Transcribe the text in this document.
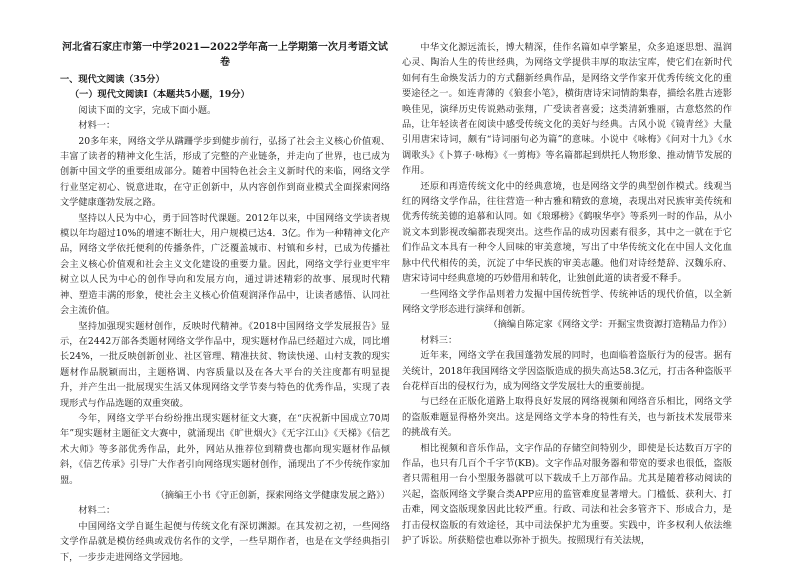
河北省石家庄市第一中学2021—2022学年高一上学期第一次月考语文试卷

一、现代文阅读（35分）

（一）现代文阅读Ⅰ（本题共5小题，19分）

阅读下面的文字，完成下面小题。

材料一：

20多年来，网络文学从蹒跚学步到健步前行，弘扬了社会主义核心价值观、丰富了读者的精神文化生活，形成了完整的产业链条，并走向了世界，也已成为创新中国文学的重要组成部分。随着中国特色社会主义新时代的来临，网络文学行业坚定初心、锐意进取，在守正创新中，从内容创作到商业模式全面探索网络文学健康蓬勃发展之路。

坚持以人民为中心，勇于回答时代课题。2012年以来，中国网络文学读者规模以年均超过10%的增速不断壮大，用户规模已达4．3亿。作为一种精神文化产品，网络文学依托便利的传播条件，广泛覆盖城市、村镇和乡村，已成为传播社会主义核心价值观和社会主义文化建设的重要力量。因此，网络文学行业更牢牢树立以人民为中心的创作导向和发展方向，通过讲述精彩的故事、展现时代精神、塑造丰满的形象，使社会主义核心价值观润泽作品中，让读者感悟、认同社会主流价值。

坚持加强现实题材创作，反映时代精神。《2018中国网络文学发展报告》显示，在2442万部各类题材网络文学作品中，现实题材作品已经超过六成，同比增长24%，一批反映创新创业、社区管理、精准扶贫、物读快递、山村支教的现实题材作品脱颖而出，主题格调、内容质量以及在各大平台的关注度都有明显提升，并产生出一批展现实生活又体现网络文学节奏与特色的优秀作品，实现了表现形式与作品选题的双重突破。

今年，网络文学平台纷纷推出现实题材征文大赛，在“庆祝新中国成立70周年”现实题材主题征文大赛中，就涌现出《旷世烟火》《无字江山》《天梯》《信艺术大师》等多部优秀作品，此外，网站从推荐位到精费也都向现实题材作品倾斜，《信艺传承》引导广大作者引向网络现实题材创作，涌现出了不少传统作家加盟。

（摘编王小书《守正创新，探索网络文学健康发展之路》）

材料二：

中国网络文学自诞生起便与传统文化有深切渊源。在其发初之初，一些网络文学作品就是模仿经典或戏仿名作的文学，一些早期作者，也是在文学经典指引下，一步步走进网络文学园地。

中华文化源远流长，博大精深，佳作名篇如卓学繁星，众多追逐思想、温润心灵、陶治人生的传世经典，为网络文学提供丰厚的取法宝库，使它们在新时代如何有生命焕发活力的方式翻新经典作品，是网络文学作家开优秀传统文化的重要途径之一。如连青薄的《狼套小笔》，横街唐诗宋词情韵集春，描绘名胜古迹影唤佳见，演绎历史传说熟动张翔，广受读者喜爱；这类清新雅丽，古意悠然的作品，让年轻读者在阅读中感受传统文化的美好与经典。古风小说《镜青丝》大量引用唐宋诗词，颇有“诗词丽句必为篇”的意味。小说中《咏梅》《问对十九》《水调歌头》《卜算子·咏梅》《一剪梅》等名篇都起到烘托人物形象、推动情节发展的作用。

还原和再造传统文化中的经典意境，也是网络文学的典型创作模式。线观当红的网络文学作品，往往营造一种古雅和精致的意境，表现出对民族审美传统和优秀传统美德的追慕和认同。如《琅琊榜》《鹤唳华亭》等系列一时的作品，从小说文本到影视改编都表现突出。这些作品的成功因素有很多，其中之一就在于它们作品文本具有一种令人回味的审美意境，写出了中华传统文化在中国人文化血脉中代代相传的美，沉淀了中华民族的审美志趣。他们对诗经楚辞、汉魏乐府、唐宋诗词中经典意境的巧妙借用和转化，让独创此道的读者爱不释手。

一些网络文学作品则着力发掘中国传统哲学、传统神话的现代价值，以全新网络文学形态进行演绎和创新。

（摘编自陈定家《网络文学：开掘宝贵资源打造精品力作》）

材料三：

近年来，网络文学在我国蓬勃发展的同时，也面临着盗版行为的侵害。据有关统计，2018年我国网络文学因盗版造成的损失高达58.3亿元，打击各种盗版平台花样百出的侵权行为，成为网络文学发展壮大的重要前提。

与已经在正版化道路上取得良好发展的网络视频和网络音乐相比，网络文学的盗版难题显得格外突出。这是网络文学本身的特性有关，也与新技术发展带来的挑战有关。

相比视频和音乐作品，文字作品的存储空间特别少，即使是长达数百万字的作品，也只有几百个千字节(KB)。文字作品对服务器和带宽的要求也很低，盗版者只需租用一台小型服务器就可以下载成千上万部作品。尤其是随着移动阅读的兴起，盗版网络文学聚合类APP应用的监管难度显著增大。门槛低、获利大、打击难，网文盗版现象因此比较严重。行政、司法和社会多管齐下、形成合力，是打击侵权盗版的有效途径，其中司法保护尤为重要。实践中，许多权利人依法维护了诉讼。所获赔偿也难以弥补于损失。按照现行有关法规，
